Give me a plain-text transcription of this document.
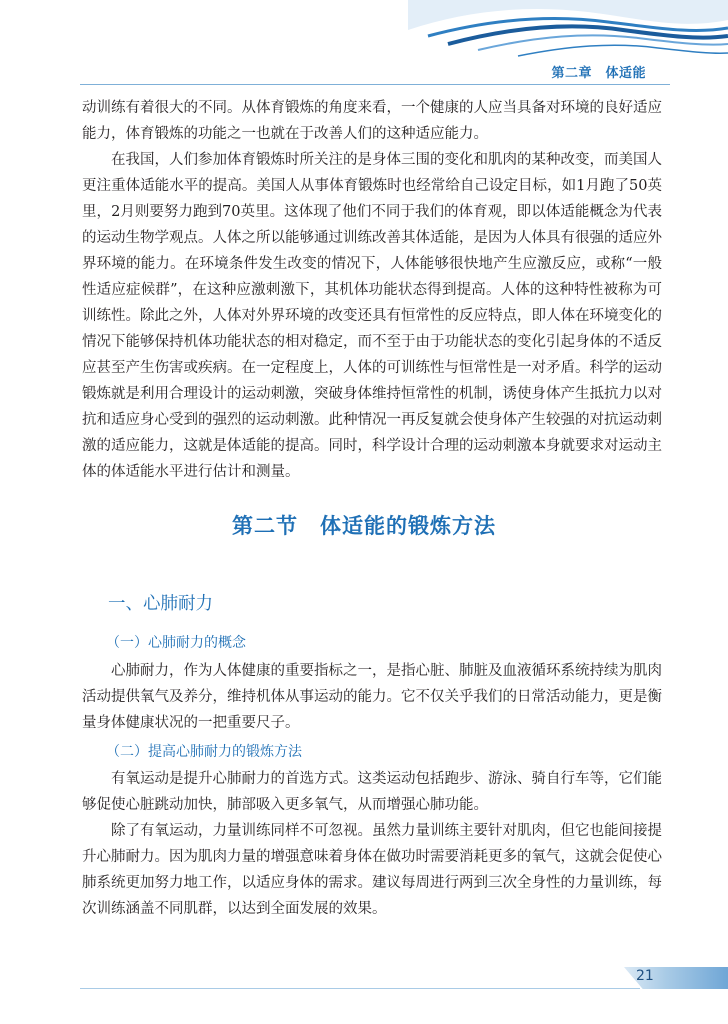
第二章　体适能

动训练有着很大的不同。从体育锻炼的角度来看，一个健康的人应当具备对环境的良好适应能力，体育锻炼的功能之一也就在于改善人们的这种适应能力。

在我国，人们参加体育锻炼时所关注的是身体三围的变化和肌肉的某种改变，而美国人更注重体适能水平的提高。美国人从事体育锻炼时也经常给自己设定目标，如1月跑了50英里，2月则要努力跑到70英里。这体现了他们不同于我们的体育观，即以体适能概念为代表的运动生物学观点。人体之所以能够通过训练改善其体适能，是因为人体具有很强的适应外界环境的能力。在环境条件发生改变的情况下，人体能够很快地产生应激反应，或称“一般性适应症候群”，在这种应激刺激下，其机体功能状态得到提高。人体的这种特性被称为可训练性。除此之外，人体对外界环境的改变还具有恒常性的反应特点，即人体在环境变化的情况下能够保持机体功能状态的相对稳定，而不至于由于功能状态的变化引起身体的不适反应甚至产生伤害或疾病。在一定程度上，人体的可训练性与恒常性是一对矛盾。科学的运动锻炼就是利用合理设计的运动刺激，突破身体维持恒常性的机制，诱使身体产生抵抗力以对抗和适应身心受到的强烈的运动刺激。此种情况一再反复就会使身体产生较强的对抗运动刺激的适应能力，这就是体适能的提高。同时，科学设计合理的运动刺激本身就要求对运动主体的体适能水平进行估计和测量。

第二节　体适能的锻炼方法
一、心肺耐力
（一）心肺耐力的概念

心肺耐力，作为人体健康的重要指标之一，是指心脏、肺脏及血液循环系统持续为肌肉活动提供氧气及养分，维持机体从事运动的能力。它不仅关乎我们的日常活动能力，更是衡量身体健康状况的一把重要尺子。

（二）提高心肺耐力的锻炼方法

有氧运动是提升心肺耐力的首选方式。这类运动包括跑步、游泳、骑自行车等，它们能够促使心脏跳动加快，肺部吸入更多氧气，从而增强心肺功能。

除了有氧运动，力量训练同样不可忽视。虽然力量训练主要针对肌肉，但它也能间接提升心肺耐力。因为肌肉力量的增强意味着身体在做功时需要消耗更多的氧气，这就会促使心肺系统更加努力地工作，以适应身体的需求。建议每周进行两到三次全身性的力量训练，每次训练涵盖不同肌群，以达到全面发展的效果。

21
